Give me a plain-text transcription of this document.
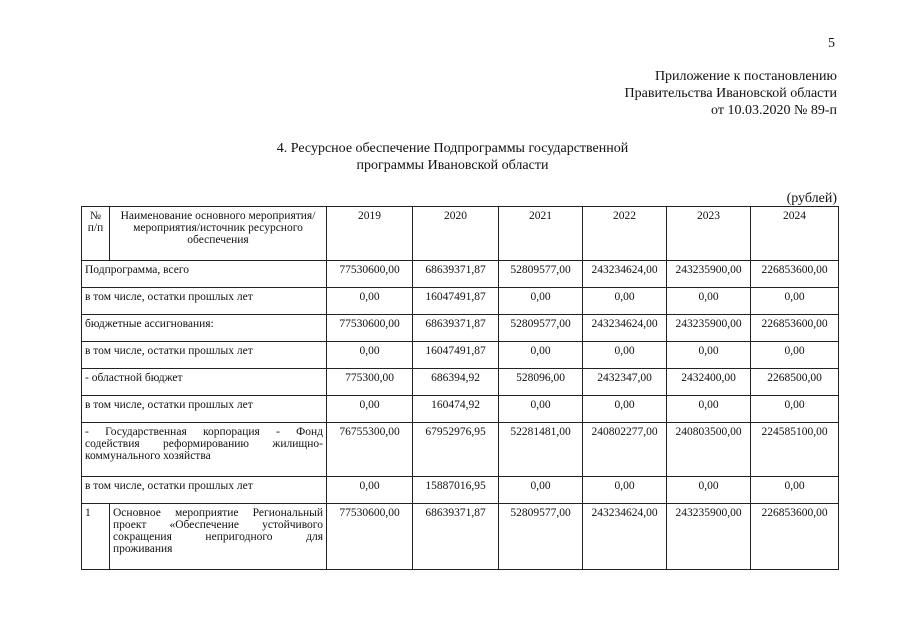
5
Приложение к постановлению
Правительства Ивановской области
от 10.03.2020 № 89-п
4. Ресурсное обеспечение Подпрограммы государственной
программы Ивановской области
(рублей)
№ п/п	Наименование основного мероприятия/мероприятия/источник ресурсного обеспечения	2019	2020	2021	2022	2023	2024
Подпрограмма, всего		77530600,00	68639371,87	52809577,00	243234624,00	243235900,00	226853600,00
в том числе, остатки прошлых лет		0,00	16047491,87	0,00	0,00	0,00	0,00
бюджетные ассигнования:		77530600,00	68639371,87	52809577,00	243234624,00	243235900,00	226853600,00
в том числе, остатки прошлых лет		0,00	16047491,87	0,00	0,00	0,00	0,00
- областной бюджет		775300,00	686394,92	528096,00	2432347,00	2432400,00	2268500,00
в том числе, остатки прошлых лет		0,00	160474,92	0,00	0,00	0,00	0,00
- Государственная корпорация - Фонд содействия реформированию жилищно-коммунального хозяйства		76755300,00	67952976,95	52281481,00	240802277,00	240803500,00	224585100,00
в том числе, остатки прошлых лет		0,00	15887016,95	0,00	0,00	0,00	0,00
1	Основное мероприятие Региональный проект «Обеспечение устойчивого сокращения непригодного для проживания	77530600,00	68639371,87	52809577,00	243234624,00	243235900,00	226853600,00
